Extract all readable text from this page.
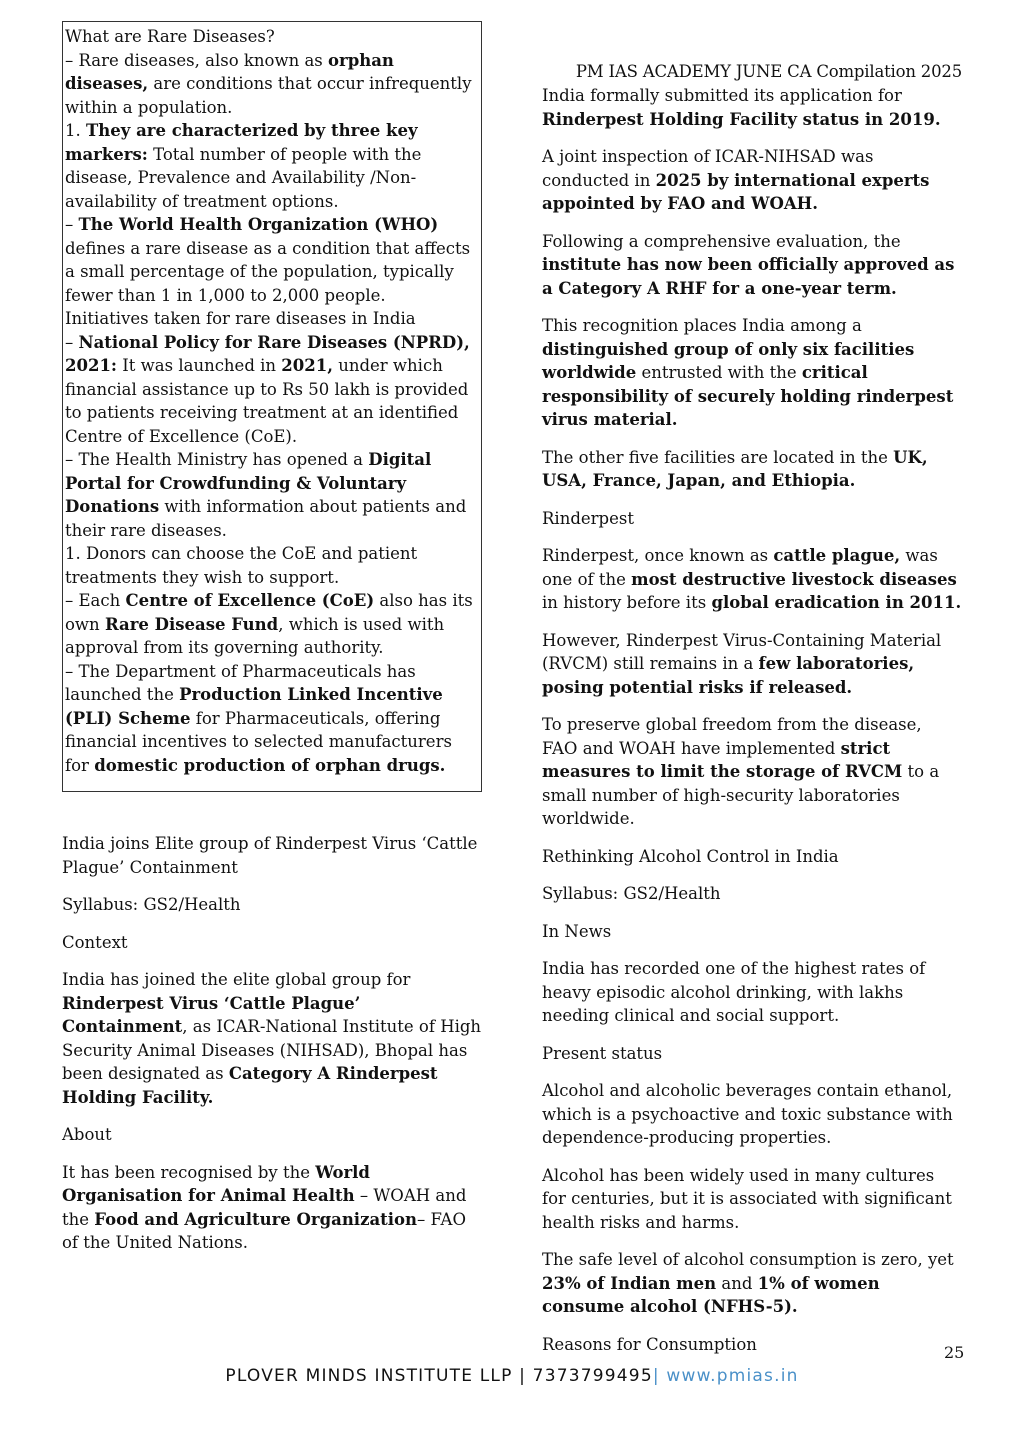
PM IAS ACADEMY JUNE CA Compilation 2025

What are Rare Diseases?

– Rare diseases, also known as orphan diseases, are conditions that occur infrequently within a population.

1. They are characterized by three key markers: Total number of people with the disease, Prevalence and Availability /Non-availability of treatment options.

– The World Health Organization (WHO) defines a rare disease as a condition that affects a small percentage of the population, typically fewer than 1 in 1,000 to 2,000 people.

Initiatives taken for rare diseases in India

– National Policy for Rare Diseases (NPRD), 2021: It was launched in 2021, under which financial assistance up to Rs 50 lakh is provided to patients receiving treatment at an identified Centre of Excellence (CoE).

– The Health Ministry has opened a Digital Portal for Crowdfunding & Voluntary Donations with information about patients and their rare diseases.

1. Donors can choose the CoE and patient treatments they wish to support.

– Each Centre of Excellence (CoE) also has its own Rare Disease Fund, which is used with approval from its governing authority.

– The Department of Pharmaceuticals has launched the Production Linked Incentive (PLI) Scheme for Pharmaceuticals, offering financial incentives to selected manufacturers for domestic production of orphan drugs.

India joins Elite group of Rinderpest Virus ‘Cattle Plague’ Containment

Syllabus: GS2/Health

Context

India has joined the elite global group for Rinderpest Virus ‘Cattle Plague’ Containment, as ICAR-National Institute of High Security Animal Diseases (NIHSAD), Bhopal has been designated as Category A Rinderpest Holding Facility.

About

It has been recognised by the World Organisation for Animal Health – WOAH and the Food and Agriculture Organization– FAO of the United Nations.

India formally submitted its application for Rinderpest Holding Facility status in 2019.

A joint inspection of ICAR-NIHSAD was conducted in 2025 by international experts appointed by FAO and WOAH.

Following a comprehensive evaluation, the institute has now been officially approved as a Category A RHF for a one-year term.

This recognition places India among a distinguished group of only six facilities worldwide entrusted with the critical responsibility of securely holding rinderpest virus material.

The other five facilities are located in the UK, USA, France, Japan, and Ethiopia.

Rinderpest

Rinderpest, once known as cattle plague, was one of the most destructive livestock diseases in history before its global eradication in 2011.

However, Rinderpest Virus-Containing Material (RVCM) still remains in a few laboratories, posing potential risks if released.

To preserve global freedom from the disease, FAO and WOAH have implemented strict measures to limit the storage of RVCM to a small number of high-security laboratories worldwide.

Rethinking Alcohol Control in India

Syllabus: GS2/Health

In News

India has recorded one of the highest rates of heavy episodic alcohol drinking, with lakhs needing clinical and social support.

Present status

Alcohol and alcoholic beverages contain ethanol, which is a psychoactive and toxic substance with dependence-producing properties.

Alcohol has been widely used in many cultures for centuries, but it is associated with significant health risks and harms.

The safe level of alcohol consumption is zero, yet 23% of Indian men and 1% of women consume alcohol (NFHS-5).

Reasons for Consumption	25
PLOVER MINDS INSTITUTE LLP | 7373799495| www.pmias.in
